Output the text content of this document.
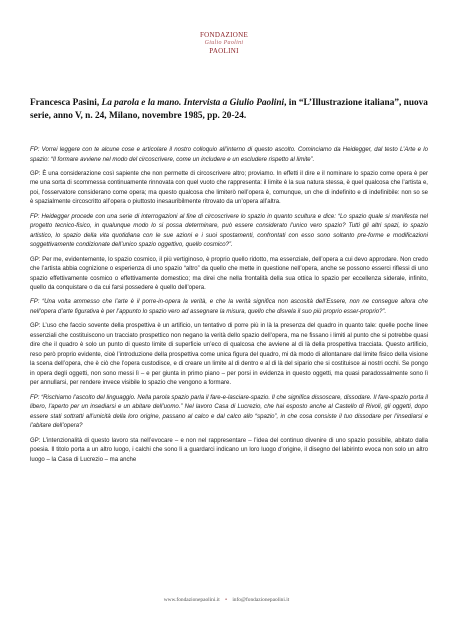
FONDAZIONE
Giulio Paolini
PAOLINI
Francesca Pasini, La parola e la mano. Intervista a Giulio Paolini, in “L’Illustrazione italiana”, nuova serie, anno V, n. 24, Milano, novembre 1985, pp. 20-24.

FP: Vorrei leggere con te alcune cose e articolare il nostro colloquio all’interno di questo ascolto. Cominciamo da Heidegger, dal testo L’Arte e lo spazio: “Il formare avviene nel modo del circoscrivere, come un includere e un escludere rispetto al limite”.

GP: È una considerazione così sapiente che non permette di circoscrivere altro; proviamo. In effetti il dire e il nominare lo spazio come opera è per me una sorta di scommessa continuamente rinnovata con quel vuoto che rappresenta: il limite è la sua natura stessa, è quel qualcosa che l’artista e, poi, l’osservatore considerano come opera; ma questo qualcosa che limiterò nell’opera è, comunque, un che di indefinito e di indefinibile: non so se è spazialmente circoscritto all’opera o piuttosto inesauribilmente ritrovato da un’opera all’altra.

FP: Heidegger procede con una serie di interrogazioni al fine di circoscrivere lo spazio in quanto scultura e dice: “Lo spazio quale si manifesta nel progetto tecnico-fisico, in qualunque modo lo si possa determinare, può essere considerato l’unico vero spazio? Tutti gli altri spazi, lo spazio artistico, lo spazio della vita quotidiana con le sue azioni e i suoi spostamenti, confrontati con esso sono soltanto pre-forme e modificazioni soggettivamente condizionate dell’unico spazio oggettivo, quello cosmico?”.

GP: Per me, evidentemente, lo spazio cosmico, il più vertiginoso, è proprio quello ridotto, ma essenziale, dell’opera a cui devo approdare. Non credo che l’artista abbia cognizione o esperienza di uno spazio “altro” da quello che mette in questione nell’opera, anche se possono esserci riflessi di uno spazio effettivamente cosmico o effettivamente domestico; ma direi che nella frontalità della sua ottica lo spazio per eccellenza siderale, infinito, quello da conquistare o da cui farsi possedere è quello dell’opera.

FP: “Una volta ammesso che l’arte è il porre-in-opera la verità, e che la verità significa non ascosità dell’Essere, non ne consegue allora che nell’opera d’arte figurativa è per l’appunto lo spazio vero ad assegnare la misura, quello che disvela il suo più proprio esser-proprio?”.

GP: L’uso che faccio sovente della prospettiva è un artificio, un tentativo di porre più in là la presenza del quadro in quanto tale: quelle poche linee essenziali che costituiscono un tracciato prospettico non negano la verità dello spazio dell’opera, ma ne fissano i limiti al punto che si potrebbe quasi dire che il quadro è solo un punto di questo limite di superficie un’eco di qualcosa che avviene al di là della prospettiva tracciata. Questo artificio, reso però proprio evidente, cioè l’introduzione della prospettiva come unica figura del quadro, mi dà modo di allontanare dal limite fisico della visione la scena dell’opera, che è ciò che l’opera custodisce, e di creare un limite al di dentro e al di là del sipario che si costituisce ai nostri occhi. Se pongo in opera degli oggetti, non sono messi lì – e per giunta in primo piano – per porsi in evidenza in questo oggetti, ma quasi paradossalmente sono lì per annullarsi, per rendere invece visibile lo spazio che vengono a formare.

FP: “Rischiamo l’ascolto del linguaggio. Nella parola spazio parla il fare-e-lasciare-spazio. Il che significa dissoscare, dissodare. Il fare-spazio porta il libero, l’aperto per un insediarsi e un abitare dell’uomo.” Nel lavoro Casa di Lucrezio, che hai esposto anche al Castello di Rivoli, gli oggetti, dopo essere stati sottratti all’unicità della loro origine, passano al calco e dal calco allo “spazio”, in che cosa consiste il tuo dissodare per l’insediarsi e l’abitare dell’opera?

GP: L’intenzionalità di questo lavoro sta nell’evocare – e non nel rappresentare – l’idea del continuo divenire di uno spazio possibile, abitato dalla poesia. Il titolo porta a un altro luogo, i calchi che sono lì a guardarci indicano un loro luogo d’origine, il disegno del labirinto evoca non solo un altro luogo – la Casa di Lucrezio – ma anche

www.fondazionepaolini.it • info@fondazionepaolini.it
